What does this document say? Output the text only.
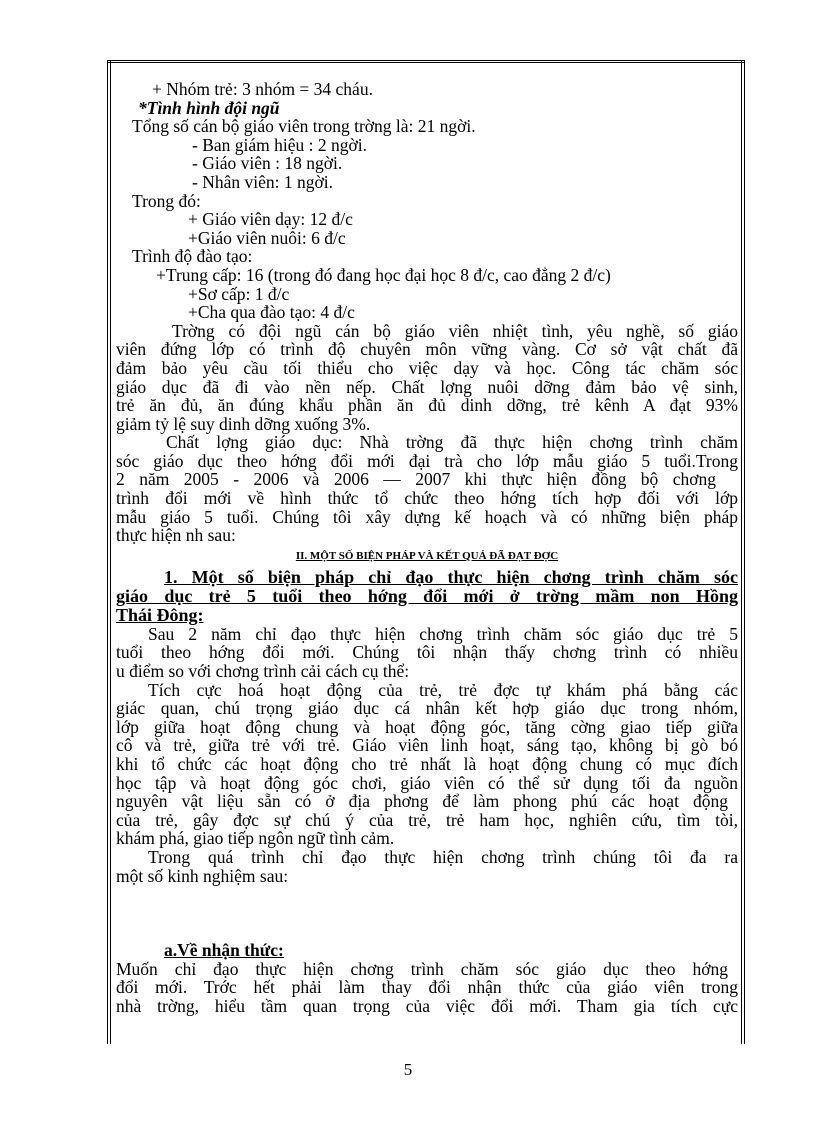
+ Nhóm trẻ: 3 nhóm = 34 cháu.
*Tình hình đội ngũ
Tổng số cán bộ giáo viên trong trờng là: 21 ngời.
- Ban giám hiệu : 2 ngời.
- Giáo viên : 18 ngời.
- Nhân viên: 1 ngời.
Trong đó:
+ Giáo viên dạy: 12 đ/c
+Giáo viên nuôi: 6 đ/c
Trình độ đào tạo:
+Trung cấp: 16 (trong đó đang học đại học 8 đ/c, cao đẳng 2 đ/c)
+Sơ cấp: 1 đ/c
+Cha qua đào tạo: 4 đ/c
Trờng có đội ngũ cán bộ giáo viên nhiệt tình, yêu nghề, số giáo
viên đứng lớp có trình độ chuyên môn vững vàng. Cơ sở vật chất đã
đảm bảo yêu cầu tối thiểu cho việc dạy và học. Công tác chăm sóc
giáo dục đã đi vào nền nếp. Chất lợng nuôi dỡng đảm bảo vệ sinh,
trẻ ăn đủ, ăn đúng khẩu phần ăn đủ dinh dỡng, trẻ kênh A đạt 93%
giảm tỷ lệ suy dinh dỡng xuống 3%.
Chất lợng giáo dục: Nhà trờng đã thực hiện chơng trình chăm
sóc giáo dục theo hớng đổi mới đại trà cho lớp mẫu giáo 5 tuổi.Trong
2 năm 2005 - 2006 và 2006 — 2007 khi thực hiện đồng bộ chơng
trình đổi mới về hình thức tổ chức theo hớng tích hợp đối với lớp
mẫu giáo 5 tuổi. Chúng tôi xây dựng kế hoạch và có những biện pháp
thực hiện nh sau:
II. MỘT SỐ BIỆN PHÁP VÀ KẾT QUẢ ĐÃ ĐẠT ĐỢC
1. Một số biện pháp chỉ đạo thực hiện chơng trình chăm sóc
giáo dục trẻ 5 tuổi theo hớng đổi mới ở trờng mầm non Hồng
Thái Đông:
Sau 2 năm chỉ đạo thực hiện chơng trình chăm sóc giáo dục trẻ 5
tuổi theo hớng đổi mới. Chúng tôi nhận thấy chơng trình có nhiều
u điểm so với chơng trình cải cách cụ thể:
Tích cực hoá hoạt động của trẻ, trẻ đợc tự khám phá bằng các
giác quan, chú trọng giáo dục cá nhân kết hợp giáo dục trong nhóm,
lớp giữa hoạt động chung và hoạt động góc, tăng cờng giao tiếp giữa
cô và trẻ, giữa trẻ với trẻ. Giáo viên linh hoạt, sáng tạo, không bị gò bó
khi tổ chức các hoạt động cho trẻ nhất là hoạt động chung có mục đích
học tập và hoạt động góc chơi, giáo viên có thể sử dụng tối đa nguồn
nguyên vật liệu sẵn có ở địa phơng để làm phong phú các hoạt động
của trẻ, gây đợc sự chú ý của trẻ, trẻ ham học, nghiên cứu, tìm tòi,
khám phá, giao tiếp ngôn ngữ tình cảm.
Trong quá trình chỉ đạo thực hiện chơng trình chúng tôi đa ra
một số kinh nghiệm sau:
a.Về nhận thức:
Muốn chỉ đạo thực hiện chơng trình chăm sóc giáo dục theo hớng
đổi mới. Trớc hết phải làm thay đổi nhận thức của giáo viên trong
nhà trờng, hiểu tầm quan trọng của việc đổi mới. Tham gia tích cực
5
